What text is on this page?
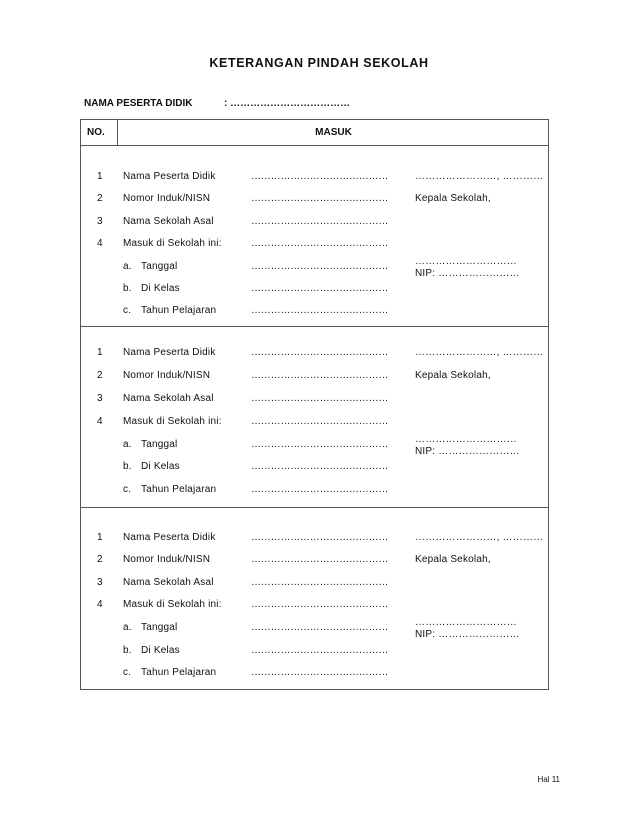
KETERANGAN PINDAH SEKOLAH
NAMA PESERTA DIDIK	: ………………………………
NO.	MASUK
1 Nama Peserta Didik	……………………………………
2 Nomor Induk/NISN	……………………………………
3 Nama Sekolah Asal	……………………………………
4 Masuk di Sekolah ini:	……………………………………
a. Tanggal	……………………………………
b. Di Kelas	……………………………………
c. Tahun Pelajaran	……………………………………
……………………, …………
Kepala Sekolah,
…………………………
NIP: ……………………
1 Nama Peserta Didik	……………………………………
2 Nomor Induk/NISN	……………………………………
3 Nama Sekolah Asal	……………………………………
4 Masuk di Sekolah ini:	……………………………………
a. Tanggal	……………………………………
b. Di Kelas	……………………………………
c. Tahun Pelajaran	……………………………………
……………………, …………
Kepala Sekolah,
…………………………
NIP: ……………………
1 Nama Peserta Didik	……………………………………
2 Nomor Induk/NISN	……………………………………
3 Nama Sekolah Asal	……………………………………
4 Masuk di Sekolah ini:	……………………………………
a. Tanggal	……………………………………
b. Di Kelas	……………………………………
c. Tahun Pelajaran	……………………………………
……………………, …………
Kepala Sekolah,
…………………………
NIP: ……………………
Hal 11
